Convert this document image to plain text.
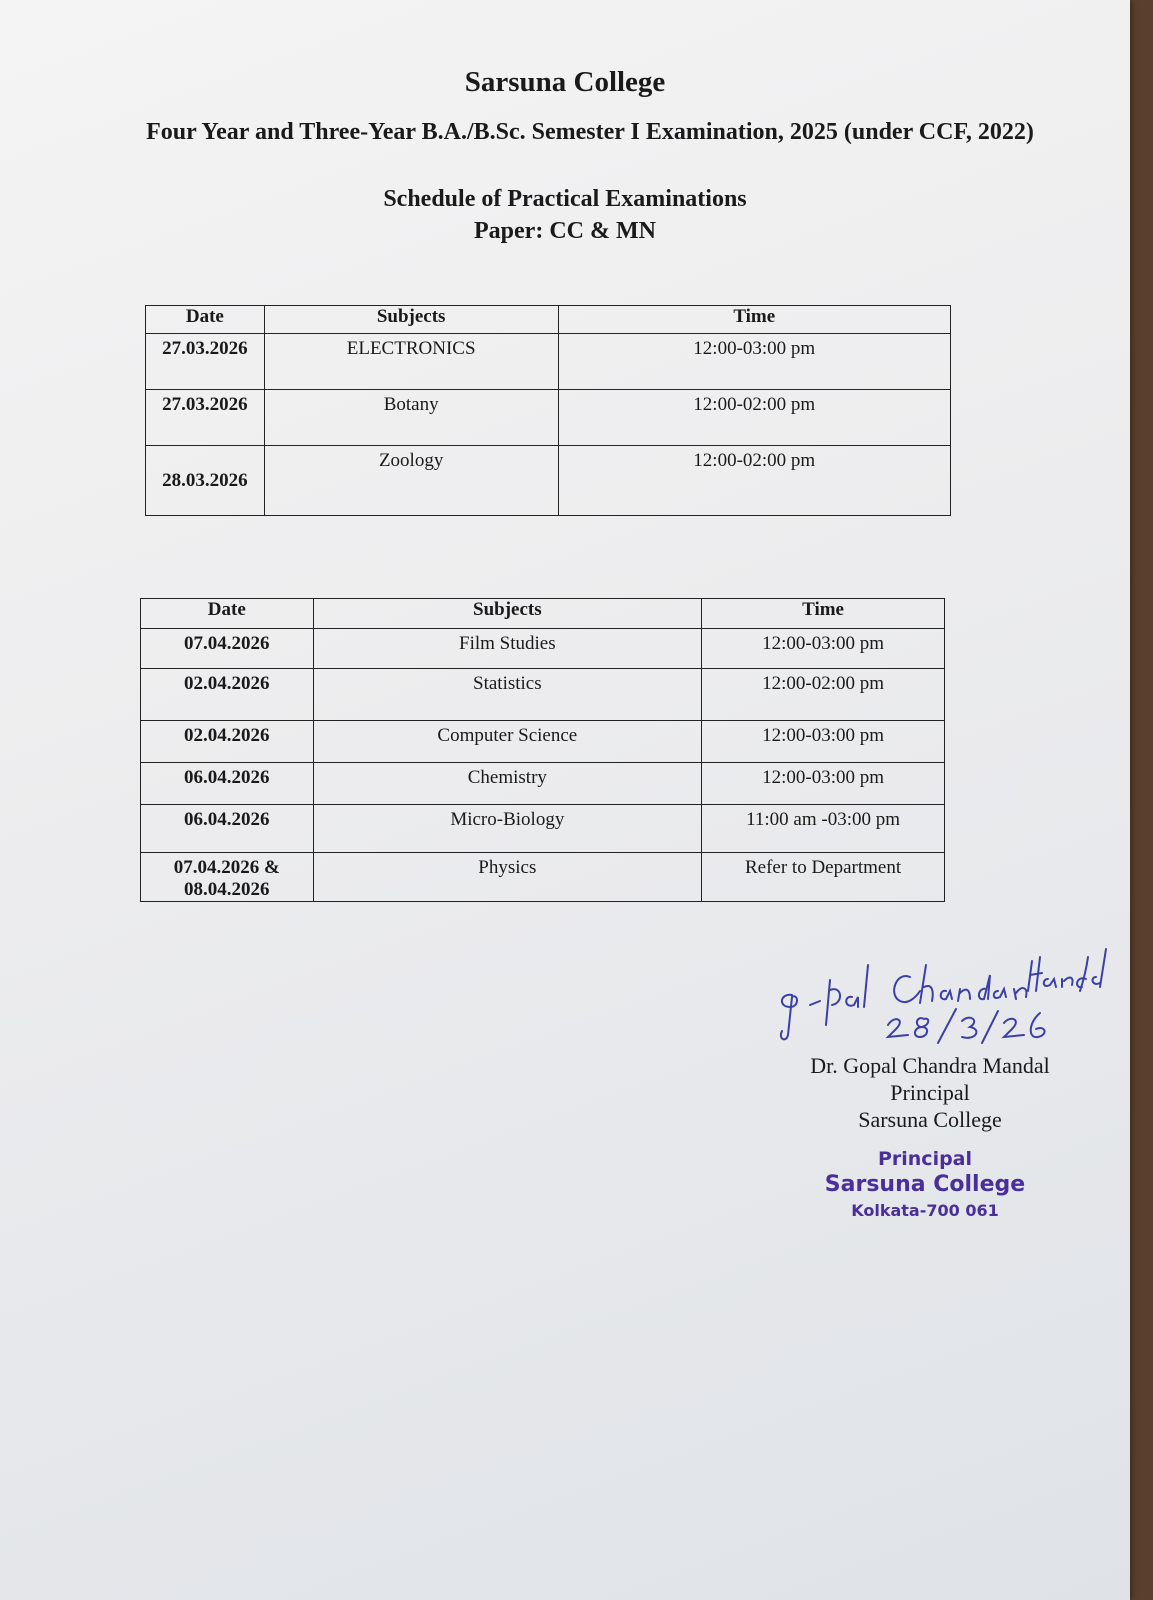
Sarsuna College
Four Year and Three-Year B.A./B.Sc. Semester I Examination, 2025 (under CCF, 2022)
Schedule of Practical Examinations
Paper: CC & MN
Date	Subjects	Time

27.03.2026	ELECTRONICS	12:00-03:00 pm

27.03.2026	Botany	12:00-02:00 pm

28.03.2026	Zoology	12:00-02:00 pm
Date	Subjects	Time

07.04.2026	Film Studies	12:00-03:00 pm

02.04.2026	Statistics	12:00-02:00 pm

02.04.2026	Computer Science	12:00-03:00 pm

06.04.2026	Chemistry	12:00-03:00 pm

06.04.2026	Micro-Biology	11:00 am -03:00 pm

07.04.2026 & 08.04.2026	Physics	Refer to Department
Dr. Gopal Chandra Mandal
Principal
Sarsuna College
Principal
Sarsuna College
Kolkata-700 061
